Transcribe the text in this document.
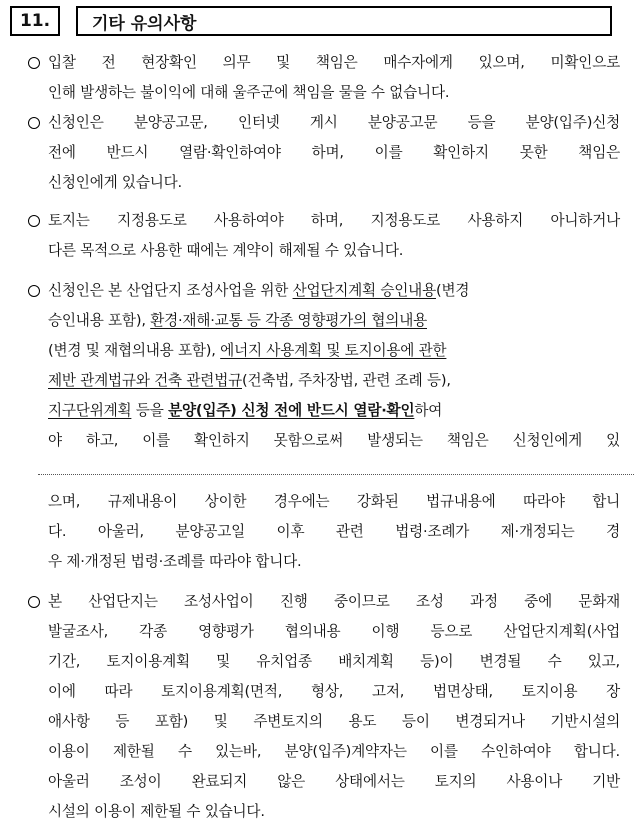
11.	기타 유의사항
입찰 전 현장확인 의무 및 책임은 매수자에게 있으며, 미확인으로
인해 발생하는 불이익에 대해 울주군에 책임을 물을 수 없습니다.
신청인은 분양공고문, 인터넷 게시 분양공고문 등을 분양(입주)신청
전에 반드시 열람·확인하여야 하며, 이를 확인하지 못한 책임은
신청인에게 있습니다.
토지는 지정용도로 사용하여야 하며, 지정용도로 사용하지 아니하거나
다른 목적으로 사용한 때에는 계약이 해제될 수 있습니다.
신청인은 본 산업단지 조성사업을 위한 산업단지계획 승인내용(변경
승인내용 포함), 환경·재해·교통 등 각종 영향평가의 협의내용
(변경 및 재협의내용 포함), 에너지 사용계획 및 토지이용에 관한
제반 관계법규와 건축 관련법규(건축법, 주차장법, 관련 조례 등),
지구단위계획 등을 분양(입주) 신청 전에 반드시 열람·확인하여
야 하고, 이를 확인하지 못함으로써 발생되는 책임은 신청인에게 있
으며, 규제내용이 상이한 경우에는 강화된 법규내용에 따라야 합니
다. 아울러, 분양공고일 이후 관련 법령·조례가 제·개정되는 경
우 제·개정된 법령·조례를 따라야 합니다.
본 산업단지는 조성사업이 진행 중이므로 조성 과정 중에 문화재
발굴조사, 각종 영향평가 협의내용 이행 등으로 산업단지계획(사업
기간, 토지이용계획 및 유치업종 배치계획 등)이 변경될 수 있고,
이에 따라 토지이용계획(면적, 형상, 고저, 법면상태, 토지이용 장
애사항 등 포함) 및 주변토지의 용도 등이 변경되거나 기반시설의
이용이 제한될 수 있는바, 분양(입주)계약자는 이를 수인하여야 합니다.
아울러 조성이 완료되지 않은 상태에서는 토지의 사용이나 기반
시설의 이용이 제한될 수 있습니다.
